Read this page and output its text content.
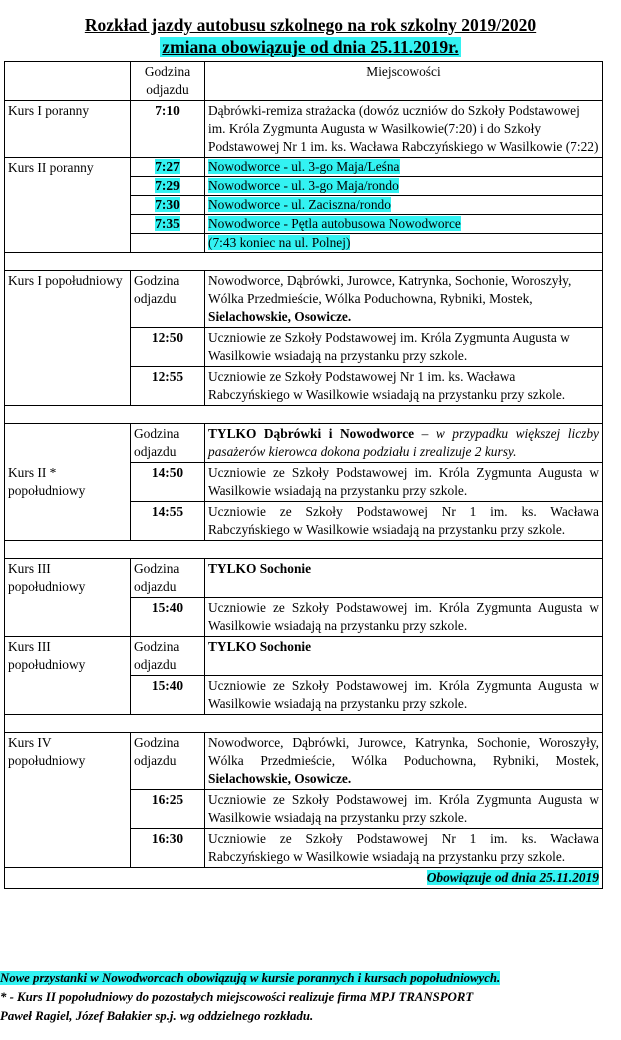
Rozkład jazdy autobusu szkolnego na rok szkolny 2019/2020
zmiana obowiązuje od dnia 25.11.2019r.
	Godzina odjazdu	Miejscowości
Kurs I poranny	7:10	Dąbrówki-remiza strażacka (dowóz uczniów do Szkoły Podstawowej im. Króla Zygmunta Augusta w Wasilkowie(7:20) i do Szkoły Podstawowej Nr 1 im. ks. Wacława Rabczyńskiego w Wasilkowie (7:22)
Kurs II poranny	7:27	Nowodworce - ul. 3-go Maja/Leśna
	7:29	Nowodworce - ul. 3-go Maja/rondo
	7:30	Nowodworce - ul. Zaciszna/rondo
	7:35	Nowodworce - Pętla autobusowa Nowodworce
		(7:43 koniec na ul. Polnej)

Kurs I popołudniowy	Godzina odjazdu	Nowodworce, Dąbrówki, Jurowce, Katrynka, Sochonie, Woroszyły, Wólka Przedmieście, Wólka Poduchowna, Rybniki, Mostek, Sielachowskie, Osowicze.
	12:50	Uczniowie ze Szkoły Podstawowej im. Króla Zygmunta Augusta w Wasilkowie wsiadają na przystanku przy szkole.
	12:55	Uczniowie ze Szkoły Podstawowej Nr 1 im. ks. Wacława Rabczyńskiego w Wasilkowie wsiadają na przystanku przy szkole.

Kurs II * popołudniowy	Godzina odjazdu	TYLKO Dąbrówki i Nowodworce – w przypadku większej liczby pasażerów kierowca dokona podziału i zrealizuje 2 kursy.
	14:50	Uczniowie ze Szkoły Podstawowej im. Króla Zygmunta Augusta w Wasilkowie wsiadają na przystanku przy szkole.
	14:55	Uczniowie ze Szkoły Podstawowej Nr 1 im. ks. Wacława Rabczyńskiego w Wasilkowie wsiadają na przystanku przy szkole.

Kurs III popołudniowy	Godzina odjazdu	TYLKO Sochonie
	15:40	Uczniowie ze Szkoły Podstawowej im. Króla Zygmunta Augusta w Wasilkowie wsiadają na przystanku przy szkole.
Kurs III popołudniowy	Godzina odjazdu	TYLKO Sochonie
	15:40	Uczniowie ze Szkoły Podstawowej im. Króla Zygmunta Augusta w Wasilkowie wsiadają na przystanku przy szkole.

Kurs IV popołudniowy	Godzina odjazdu	Nowodworce, Dąbrówki, Jurowce, Katrynka, Sochonie, Woroszyły, Wólka Przedmieście, Wólka Poduchowna, Rybniki, Mostek, Sielachowskie, Osowicze.
	16:25	Uczniowie ze Szkoły Podstawowej im. Króla Zygmunta Augusta w Wasilkowie wsiadają na przystanku przy szkole.
	16:30	Uczniowie ze Szkoły Podstawowej Nr 1 im. ks. Wacława Rabczyńskiego w Wasilkowie wsiadają na przystanku przy szkole.
Obowiązuje od dnia 25.11.2019		
Nowe przystanki w Nowodworcach obowiązują w kursie porannych i kursach popołudniowych.
* - Kurs II popołudniowy do pozostałych miejscowości realizuje firma MPJ TRANSPORT
Paweł Ragiel, Józef Bałakier sp.j. wg oddzielnego rozkładu.
